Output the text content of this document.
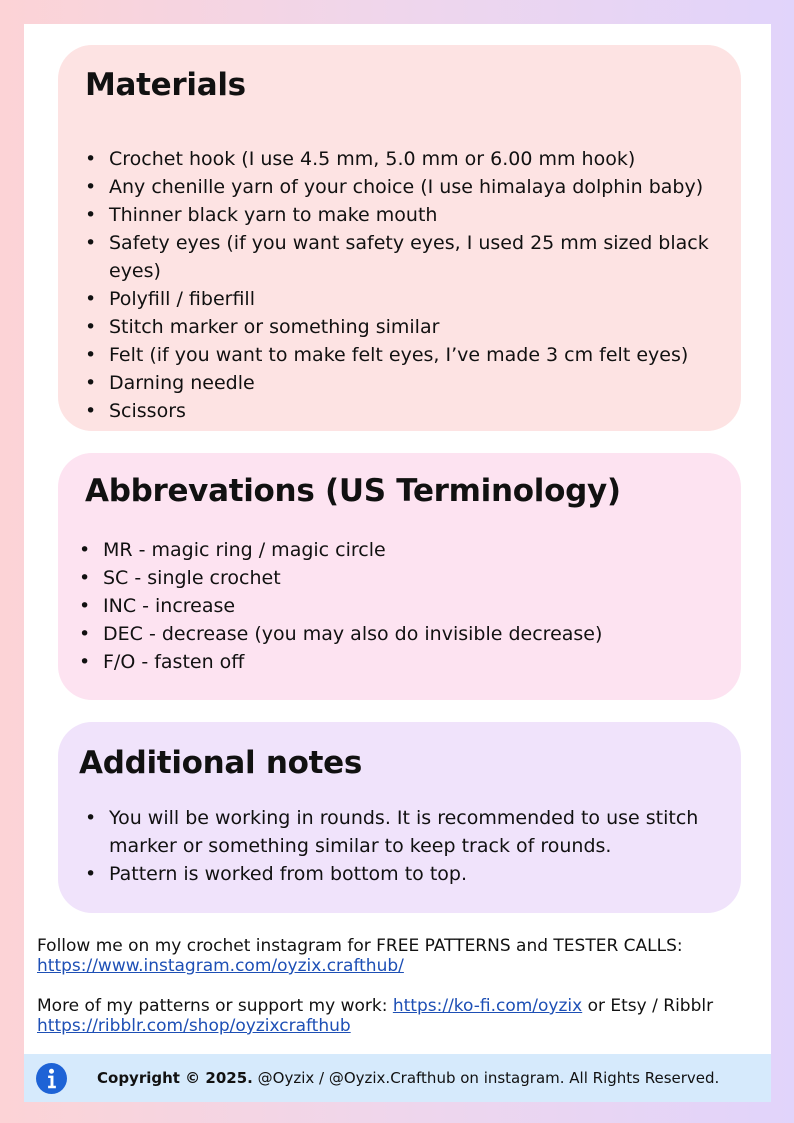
Materials
• Crochet hook (I use 4.5 mm, 5.0 mm or 6.00 mm hook)
• Any chenille yarn of your choice (I use himalaya dolphin baby)
• Thinner black yarn to make mouth
• Safety eyes (if you want safety eyes, I used 25 mm sized black eyes)
• Polyfill / fiberfill
• Stitch marker or something similar
• Felt (if you want to make felt eyes, I’ve made 3 cm felt eyes)
• Darning needle
• Scissors
Abbrevations (US Terminology)
• MR - magic ring / magic circle
• SC - single crochet
• INC - increase
• DEC - decrease (you may also do invisible decrease)
• F/O - fasten off
Additional notes
• You will be working in rounds. It is recommended to use stitch marker or something similar to keep track of rounds.
• Pattern is worked from bottom to top.
Follow me on my crochet instagram for FREE PATTERNS and TESTER CALLS:
https://www.instagram.com/oyzix.crafthub/
More of my patterns or support my work: https://ko-fi.com/oyzix or Etsy / Ribblr
https://ribblr.com/shop/oyzixcrafthub
Copyright © 2025. @Oyzix / @Oyzix.Crafthub on instagram. All Rights Reserved.
